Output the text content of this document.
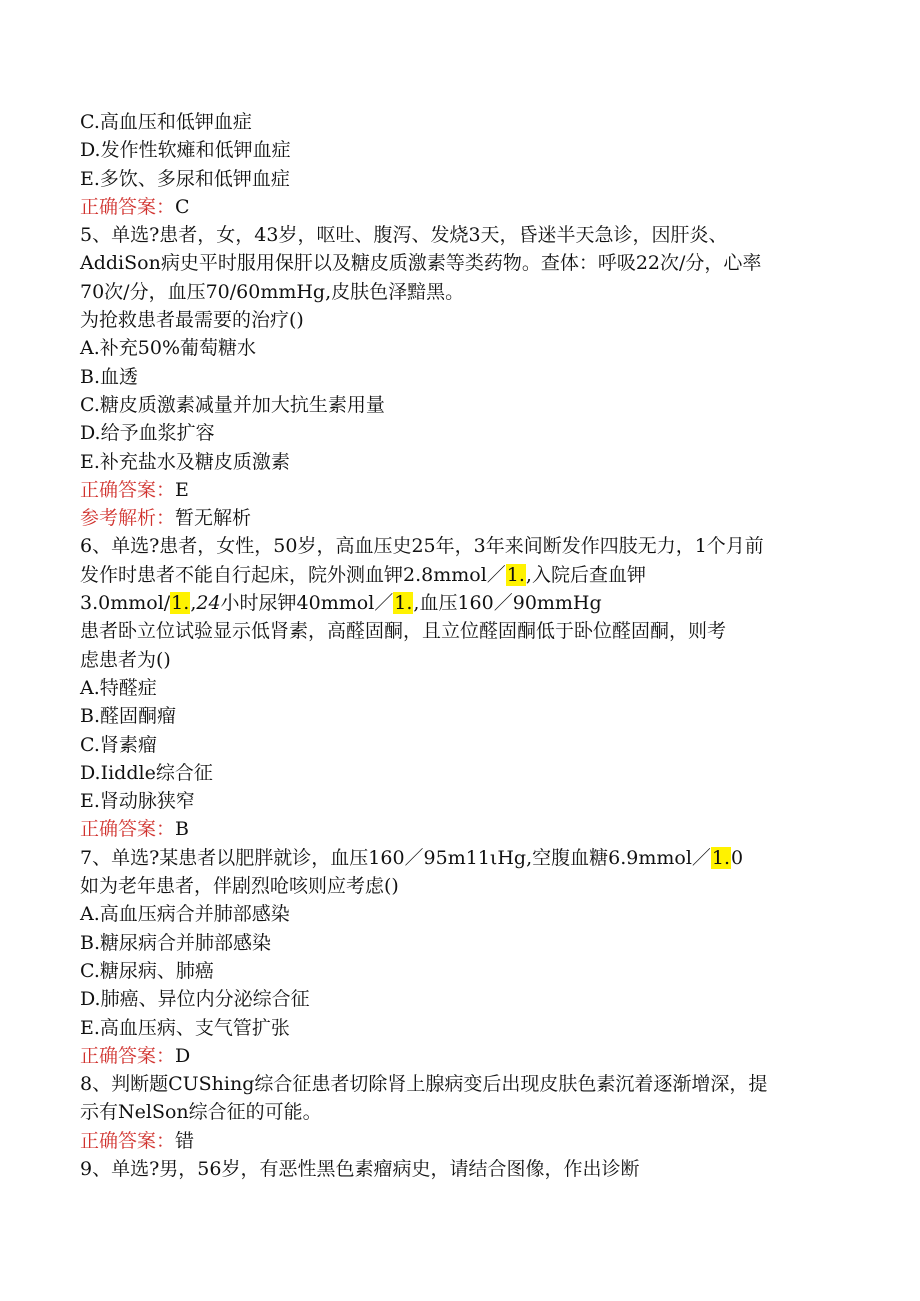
C.高血压和低钾血症
D.发作性软瘫和低钾血症
E.多饮、多尿和低钾血症
正确答案：C
5、单选?患者，女，43岁，呕吐、腹泻、发烧3天，昏迷半天急诊，因肝炎、
AddiSon病史平时服用保肝以及糖皮质激素等类药物。查体：呼吸22次/分，心率
70次/分，血压70/60mmHg,皮肤色泽黯黑。
为抢救患者最需要的治疗()
A.补充50%葡萄糖水
B.血透
C.糖皮质激素减量并加大抗生素用量
D.给予血浆扩容
E.补充盐水及糖皮质激素
正确答案：E
参考解析：暂无解析
6、单选?患者，女性，50岁，高血压史25年，3年来间断发作四肢无力，1个月前
发作时患者不能自行起床，院外测血钾2.8mmol／1.,入院后查血钾
3.0mmol/1.,24小时尿钾40mmol／1.,血压160／90mmHg
患者卧立位试验显示低肾素，高醛固酮，且立位醛固酮低于卧位醛固酮，则考
虑患者为()
A.特醛症
B.醛固酮瘤
C.肾素瘤
D.Iiddle综合征
E.肾动脉狭窄
正确答案：B
7、单选?某患者以肥胖就诊，血压160／95m11ιHg,空腹血糖6.9mmol／1.0
如为老年患者，伴剧烈呛咳则应考虑()
A.高血压病合并肺部感染
B.糖尿病合并肺部感染
C.糖尿病、肺癌
D.肺癌、异位内分泌综合征
E.高血压病、支气管扩张
正确答案：D
8、判断题CUShing综合征患者切除肾上腺病变后出现皮肤色素沉着逐渐增深，提
示有NelSon综合征的可能。
正确答案：错
9、单选?男，56岁，有恶性黑色素瘤病史，请结合图像，作出诊断
